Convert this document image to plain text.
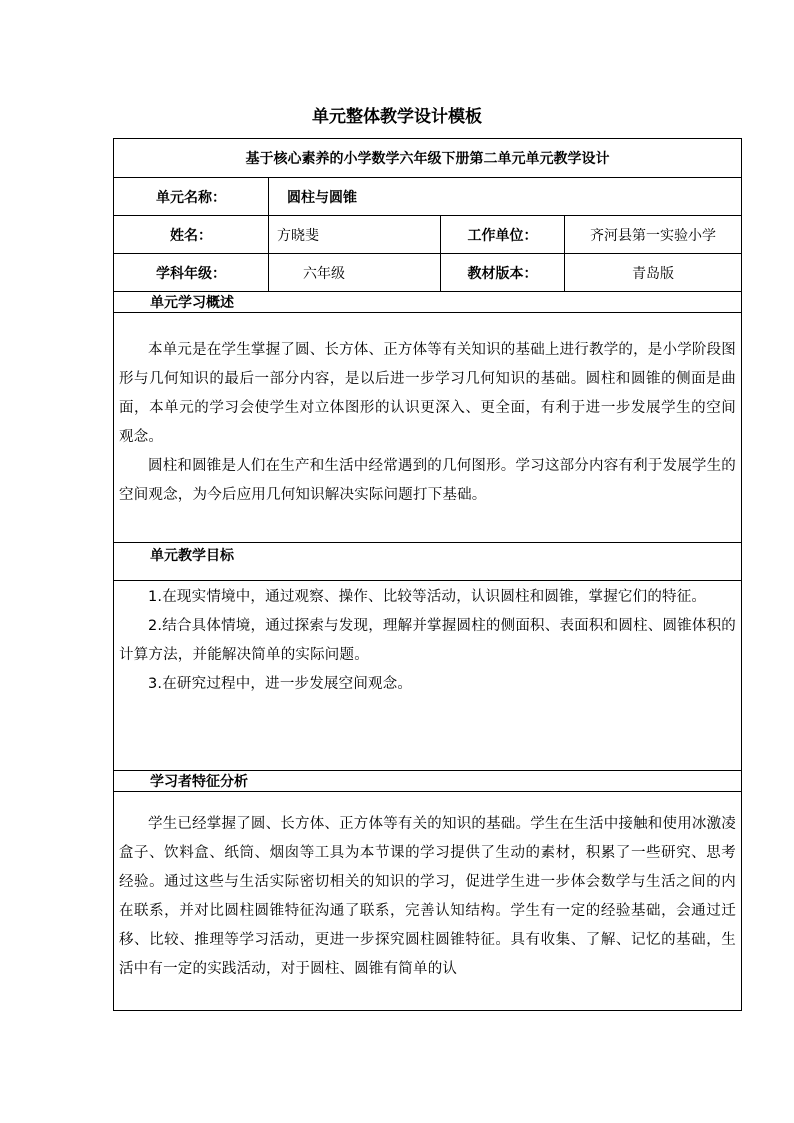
单元整体教学设计模板
基于核心素养的小学数学六年级下册第二单元单元教学设计			
单元名称：	圆柱与圆锥		
姓名：	方晓斐	工作单位：	齐河县第一实验小学
学科年级：	六年级	教材版本：	青岛版
单元学习概述			

本单元是在学生掌握了圆、长方体、正方体等有关知识的基础上进行教学的，是小学阶段图形与几何知识的最后一部分内容，是以后进一步学习几何知识的基础。圆柱和圆锥的侧面是曲面，本单元的学习会使学生对立体图形的认识更深入、更全面，有利于进一步发展学生的空间观念。

圆柱和圆锥是人们在生产和生活中经常遇到的几何图形。学习这部分内容有利于发展学生的空间观念，为今后应用几何知识解决实际问题打下基础。			

单元教学目标			

1.在现实情境中，通过观察、操作、比较等活动，认识圆柱和圆锥，掌握它们的特征。

2.结合具体情境，通过探索与发现，理解并掌握圆柱的侧面积、表面积和圆柱、圆锥体积的计算方法，并能解决简单的实际问题。

3.在研究过程中，进一步发展空间观念。			

学习者特征分析			

学生已经掌握了圆、长方体、正方体等有关的知识的基础。学生在生活中接触和使用冰激凌盒子、饮料盒、纸筒、烟囱等工具为本节课的学习提供了生动的素材，积累了一些研究、思考经验。通过这些与生活实际密切相关的知识的学习，促进学生进一步体会数学与生活之间的内在联系，并对比圆柱圆锥特征沟通了联系，完善认知结构。学生有一定的经验基础，会通过迁移、比较、推理等学习活动，更进一步探究圆柱圆锥特征。具有收集、了解、记忆的基础，生活中有一定的实践活动，对于圆柱、圆锥有简单的认			
